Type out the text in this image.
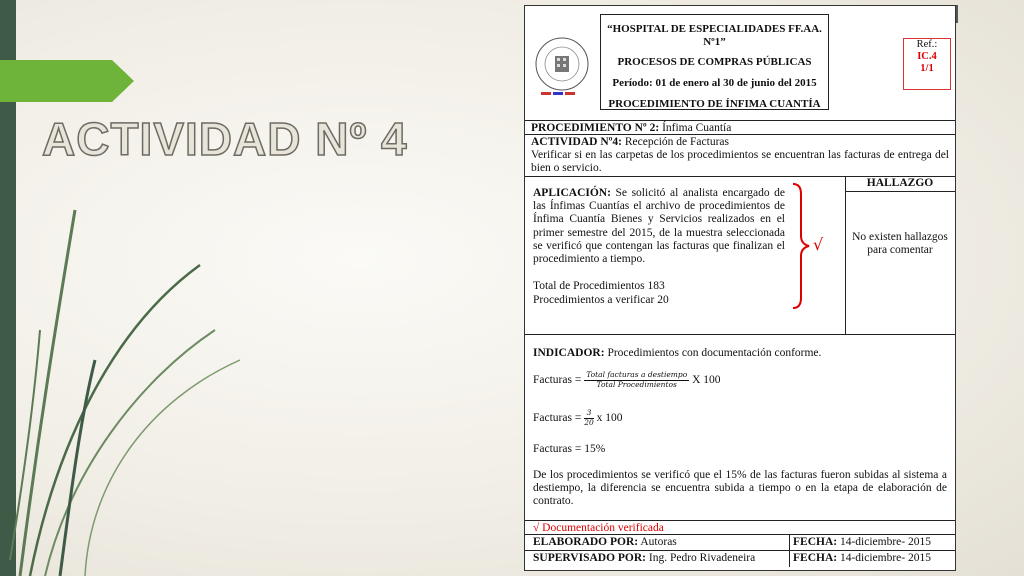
ACTIVIDAD Nº 4
“HOSPITAL DE ESPECIALIDADES FF.AA. Nº1”
PROCESOS DE COMPRAS PÚBLICAS
Período: 01 de enero al 30 de junio del 2015
PROCEDIMIENTO DE ÍNFIMA CUANTÍA
Ref.:
IC.4
1/1
PROCEDIMIENTO Nº 2: Ínfima Cuantía
ACTIVIDAD Nº4: Recepción de Facturas
Verificar si en las carpetas de los procedimientos se encuentran las facturas de entrega del bien o servicio.
APLICACIÓN: Se solicitó al analista encargado de las Ínfimas Cuantías el archivo de procedimientos de Ínfima Cuantía Bienes y Servicios realizados en el primer semestre del 2015, de la muestra seleccionada se verificó que contengan las facturas que finalizan el procedimiento a tiempo.
Total de Procedimientos 183
Procedimientos a verificar 20
√
HALLAZGO
No existen hallazgos para comentar
INDICADOR: Procedimientos con documentación conforme.
Facturas = $\frac{\text{Total facturas a destiempo}}{\text{Total Procedimientos}}$ X 100
Facturas = $\frac{3}{20}$ x 100
Facturas = 15%
De los procedimientos se verificó que el 15% de las facturas fueron subidas al sistema a destiempo, la diferencia se encuentra subida a tiempo o en la etapa de elaboración de contrato.
√ Documentación verificada
ELABORADO POR: Autoras	FECHA: 14-diciembre- 2015
SUPERVISADO POR: Ing. Pedro Rivadeneira	FECHA: 14-diciembre- 2015
